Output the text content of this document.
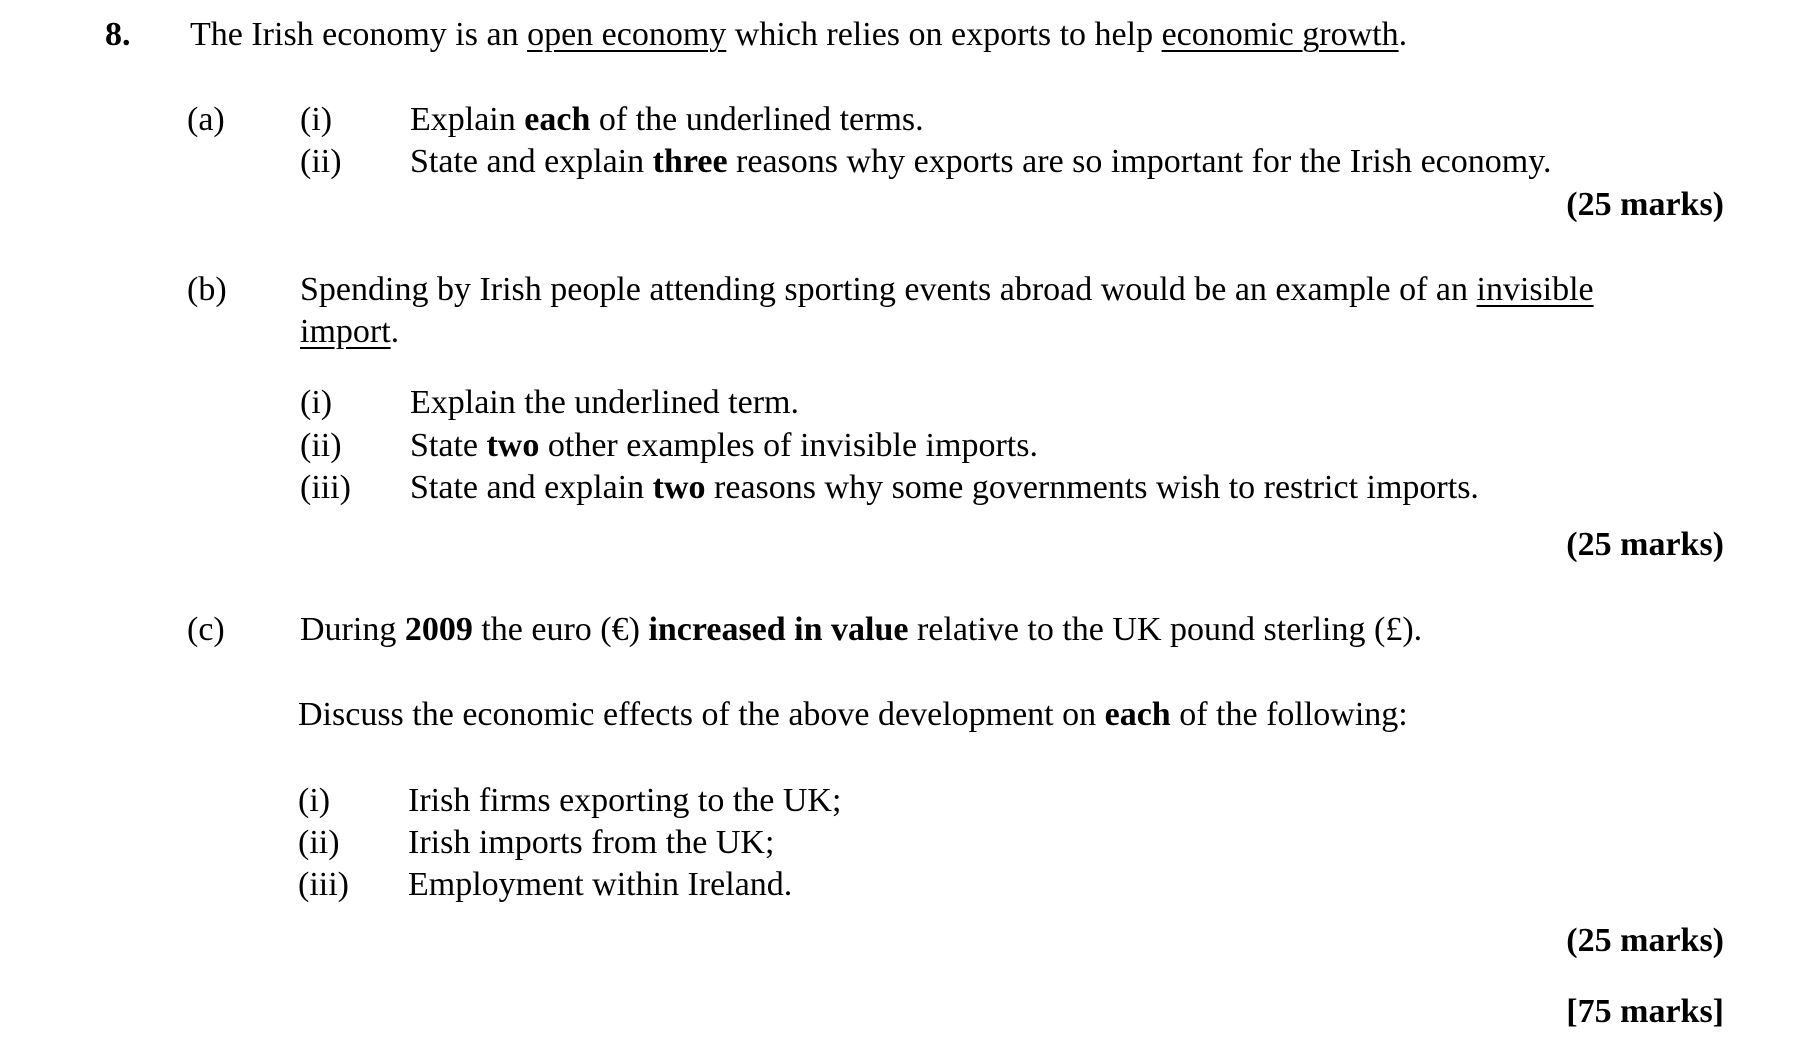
8. The Irish economy is an open economy which relies on exports to help economic growth.
(a) (i) Explain each of the underlined terms.
(ii) State and explain three reasons why exports are so important for the Irish economy.
(25 marks)
(b) Spending by Irish people attending sporting events abroad would be an example of an invisible
import.
(i) Explain the underlined term.
(ii) State two other examples of invisible imports.
(iii) State and explain two reasons why some governments wish to restrict imports.
(25 marks)
(c) During 2009 the euro (€) increased in value relative to the UK pound sterling (£).
Discuss the economic effects of the above development on each of the following:
(i) Irish firms exporting to the UK;
(ii) Irish imports from the UK;
(iii) Employment within Ireland.
(25 marks)
[75 marks]
